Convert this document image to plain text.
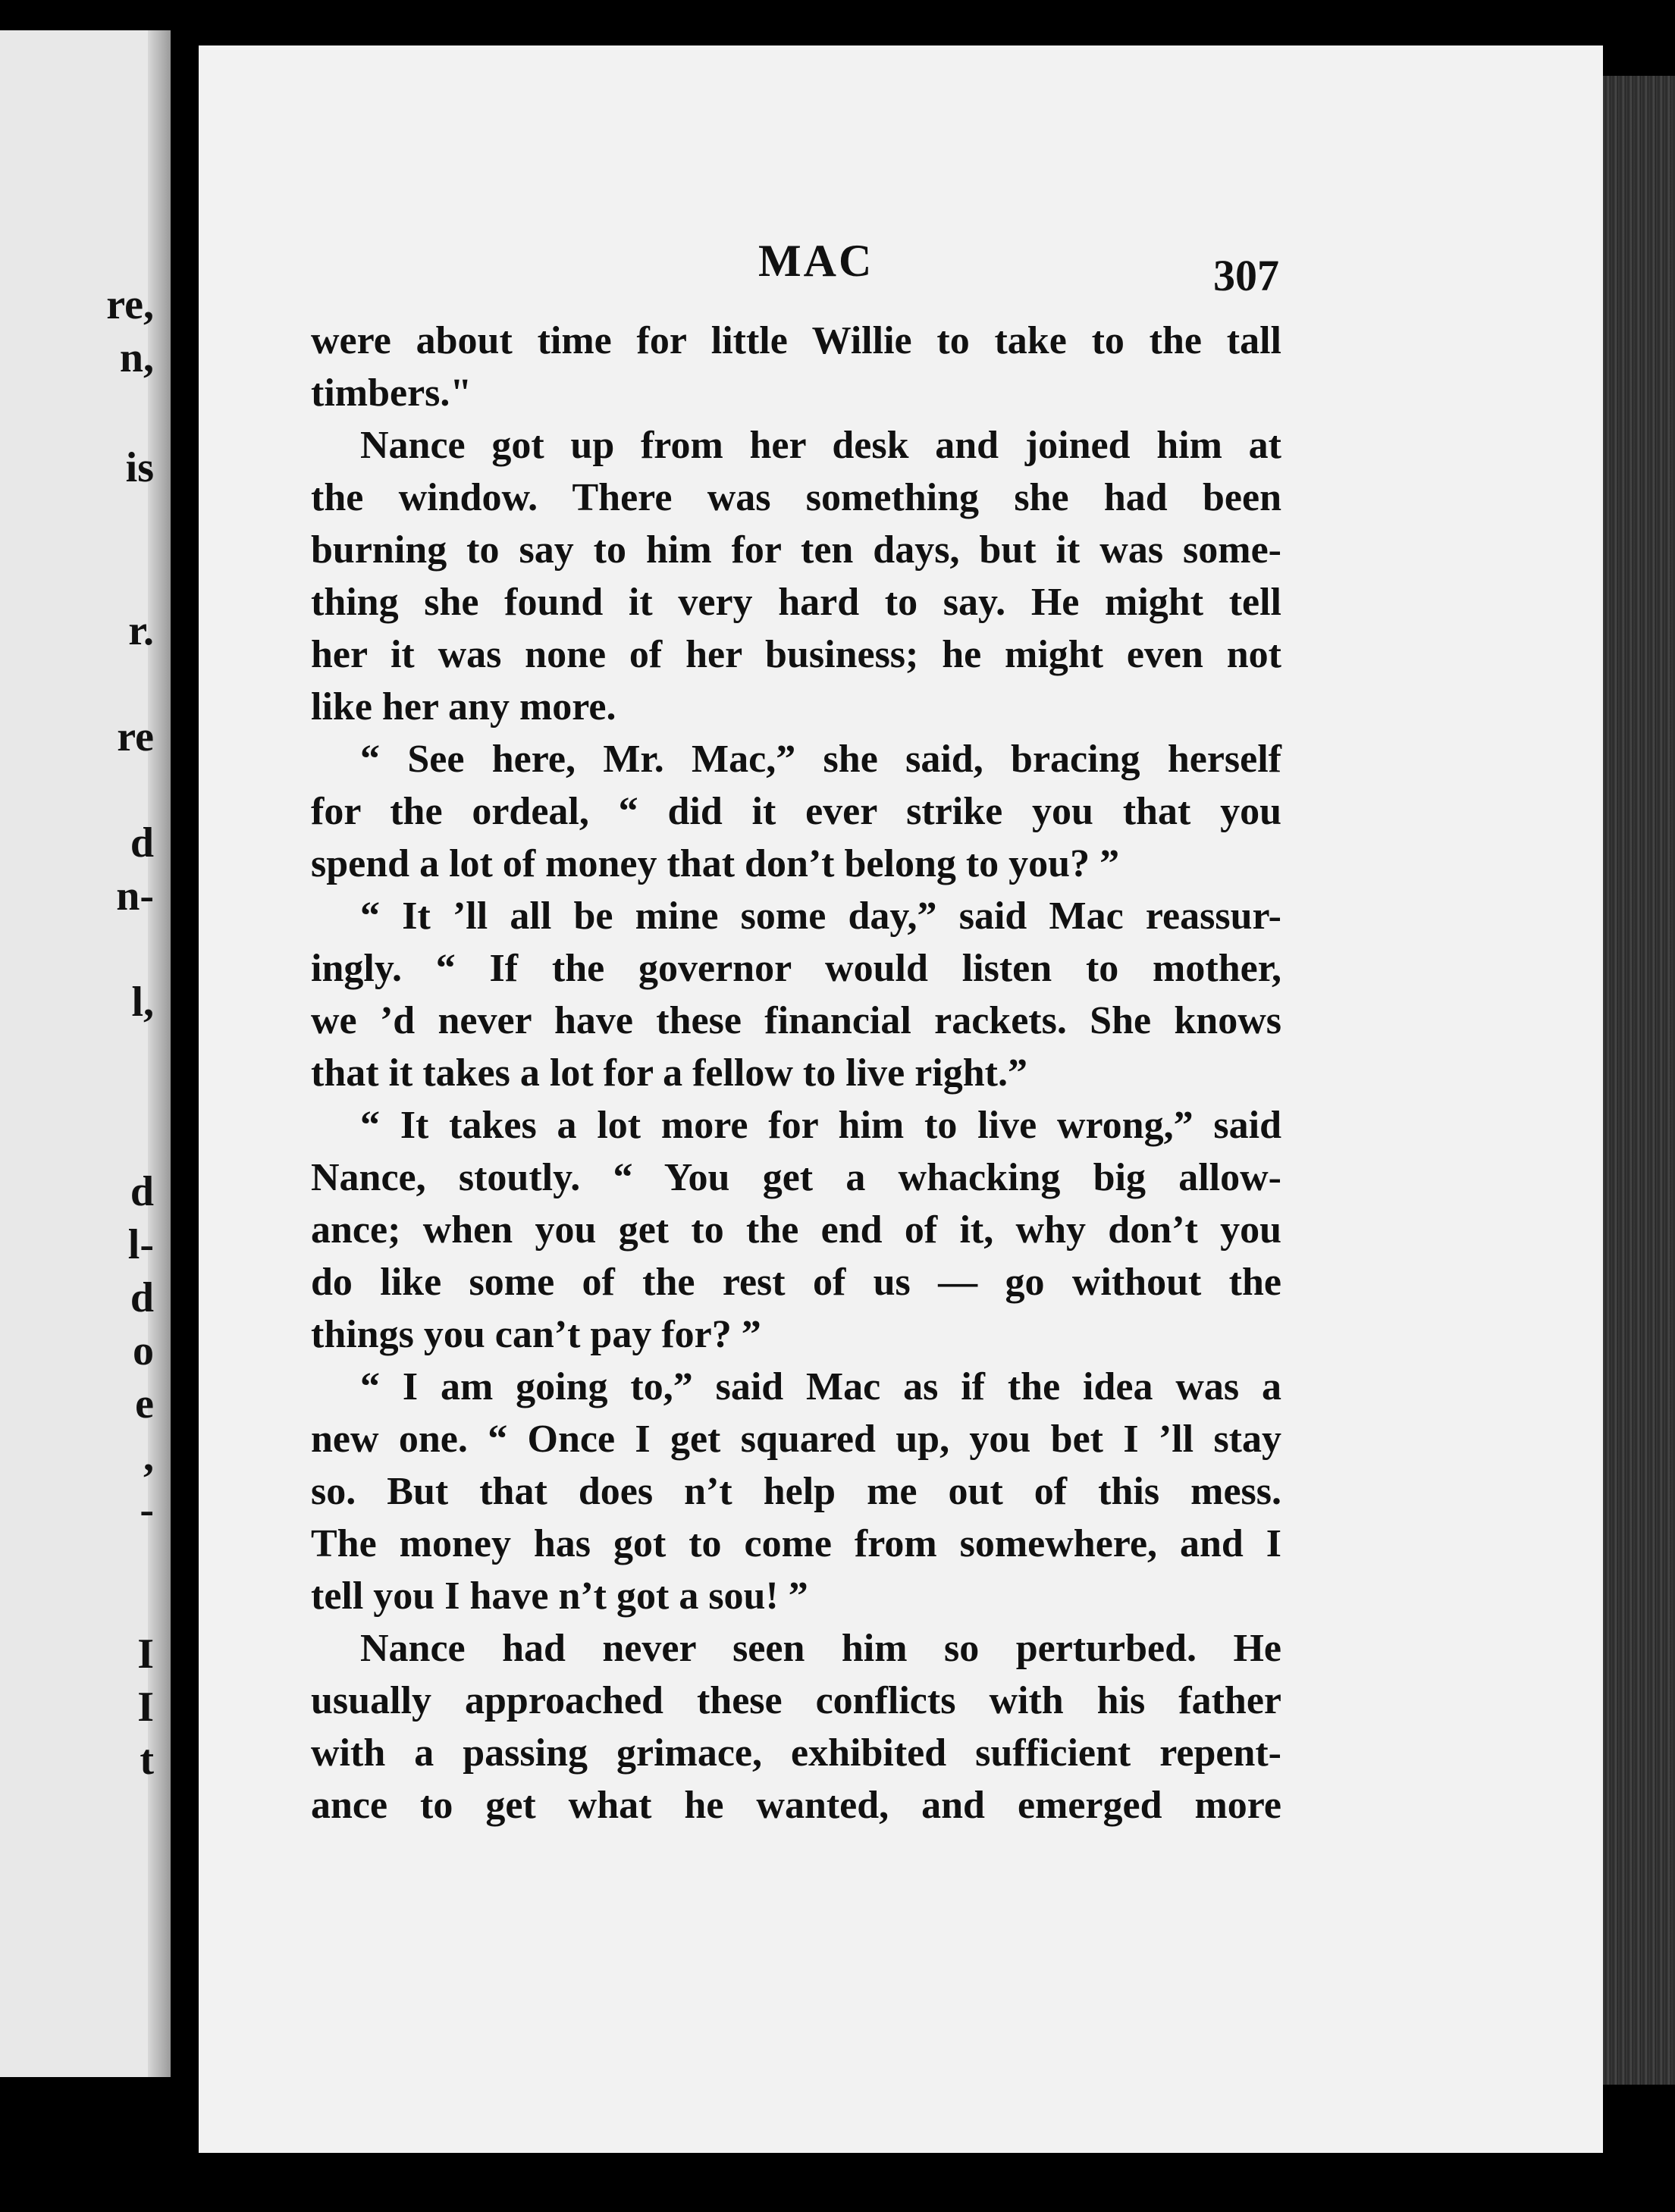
re,
n,
is
r.
re
d
n-
l,
d
l-
d
o
e
,
-
I
I
t
MAC	307
were about time for little Willie to take to the tall
timbers."
Nance got up from her desk and joined him at
the window. There was something she had been
burning to say to him for ten days, but it was some-
thing she found it very hard to say. He might tell
her it was none of her business; he might even not
like her any more.
“ See here, Mr. Mac,” she said, bracing herself
for the ordeal, “ did it ever strike you that you
spend a lot of money that don’t belong to you? ”
“ It ’ll all be mine some day,” said Mac reassur-
ingly. “ If the governor would listen to mother,
we ’d never have these financial rackets. She knows
that it takes a lot for a fellow to live right.”
“ It takes a lot more for him to live wrong,” said
Nance, stoutly. “ You get a whacking big allow-
ance; when you get to the end of it, why don’t you
do like some of the rest of us — go without the
things you can’t pay for? ”
“ I am going to,” said Mac as if the idea was a
new one. “ Once I get squared up, you bet I ’ll stay
so. But that does n’t help me out of this mess.
The money has got to come from somewhere, and I
tell you I have n’t got a sou! ”
Nance had never seen him so perturbed. He
usually approached these conflicts with his father
with a passing grimace, exhibited sufficient repent-
ance to get what he wanted, and emerged more
